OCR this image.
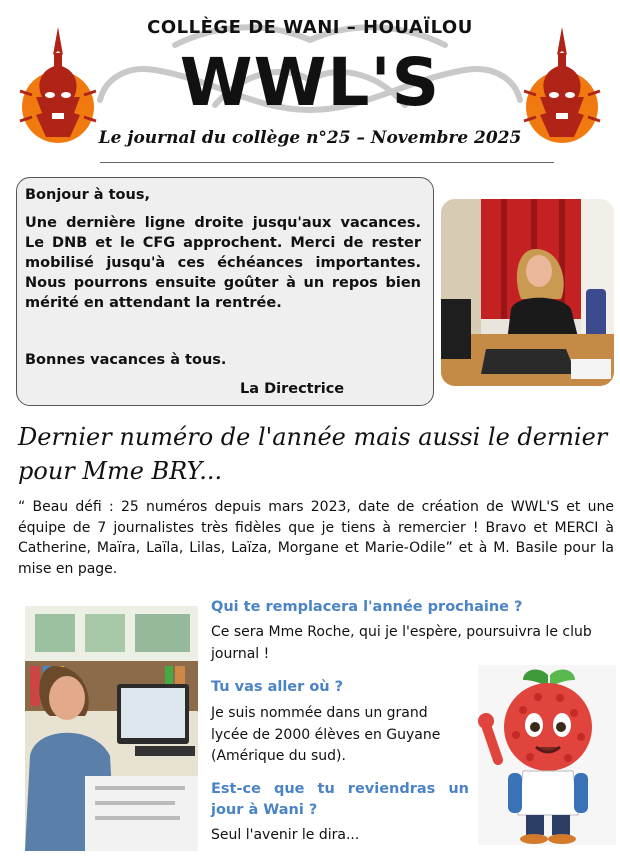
COLLÈGE DE WANI – HOUAÏLOU
WWL'S
Le journal du collège n°25 – Novembre 2025
Bonjour à tous,
Une dernière ligne droite jusqu'aux vacances. Le DNB et le CFG approchent. Merci de rester mobilisé jusqu'à ces échéances importantes. Nous pourrons ensuite goûter à un repos bien mérité en attendant la rentrée.
Bonnes vacances à tous.
La Directrice
Dernier numéro de l'année mais aussi le dernier pour Mme BRY...
“ Beau défi : 25 numéros depuis mars 2023, date de création de WWL'S et une équipe de 7 journalistes très fidèles que je tiens à remercier ! Bravo et MERCI à Catherine, Maïra, Laïla, Lilas, Laïza, Morgane et Marie-Odile” et à M. Basile pour la mise en page.
Qui te remplacera l'année prochaine ?
Ce sera Mme Roche, qui je l'espère, poursuivra le club journal !
Tu vas aller où ?
Je suis nommée dans un grand lycée de 2000 élèves en Guyane (Amérique du sud).
Est-ce que tu reviendras un jour à Wani ?
Seul l'avenir le dira...
